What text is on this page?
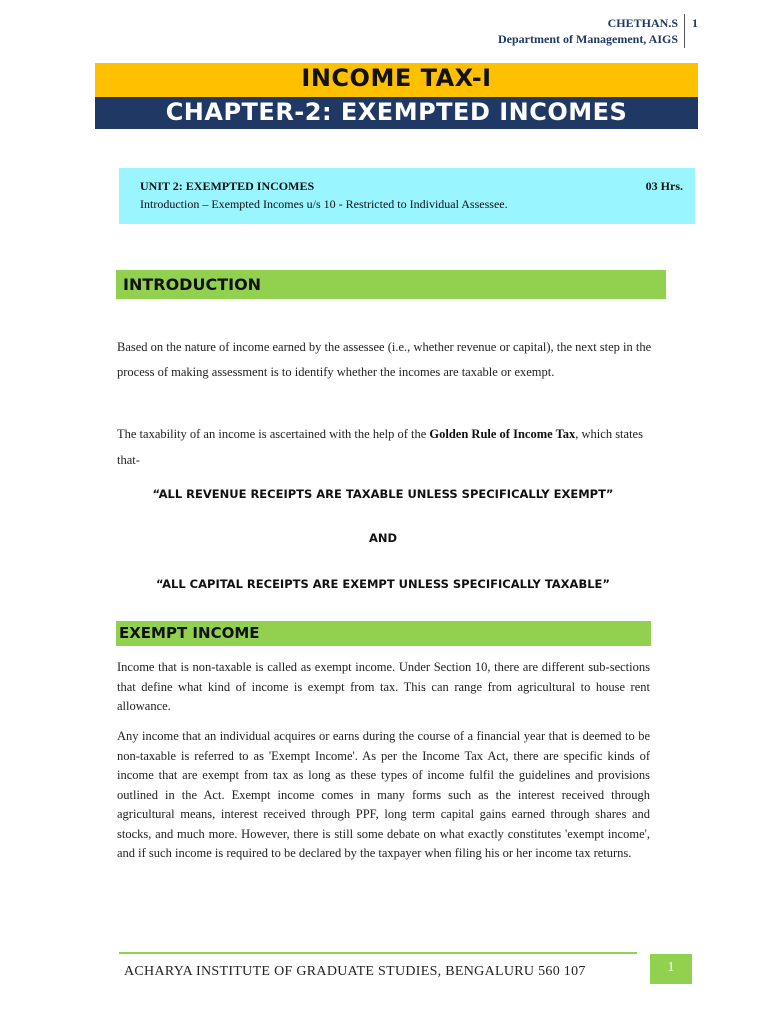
CHETHAN.S
Department of Management, AIGS
1
INCOME TAX-I
CHAPTER-2: EXEMPTED INCOMES
UNIT 2: EXEMPTED INCOMES	03 Hrs.
Introduction – Exempted Incomes u/s 10 - Restricted to Individual Assessee.
INTRODUCTION
Based on the nature of income earned by the assessee (i.e., whether revenue or capital), the next step in the process of making assessment is to identify whether the incomes are taxable or exempt.
The taxability of an income is ascertained with the help of the Golden Rule of Income Tax, which states that-
“ALL REVENUE RECEIPTS ARE TAXABLE UNLESS SPECIFICALLY EXEMPT”
AND
“ALL CAPITAL RECEIPTS ARE EXEMPT UNLESS SPECIFICALLY TAXABLE”
EXEMPT INCOME
Income that is non-taxable is called as exempt income. Under Section 10, there are different sub-sections that define what kind of income is exempt from tax. This can range from agricultural to house rent allowance.
Any income that an individual acquires or earns during the course of a financial year that is deemed to be non-taxable is referred to as 'Exempt Income'. As per the Income Tax Act, there are specific kinds of income that are exempt from tax as long as these types of income fulfil the guidelines and provisions outlined in the Act. Exempt income comes in many forms such as the interest received through agricultural means, interest received through PPF, long term capital gains earned through shares and stocks, and much more. However, there is still some debate on what exactly constitutes 'exempt income', and if such income is required to be declared by the taxpayer when filing his or her income tax returns.
ACHARYA INSTITUTE OF GRADUATE STUDIES, BENGALURU 560 107	1
